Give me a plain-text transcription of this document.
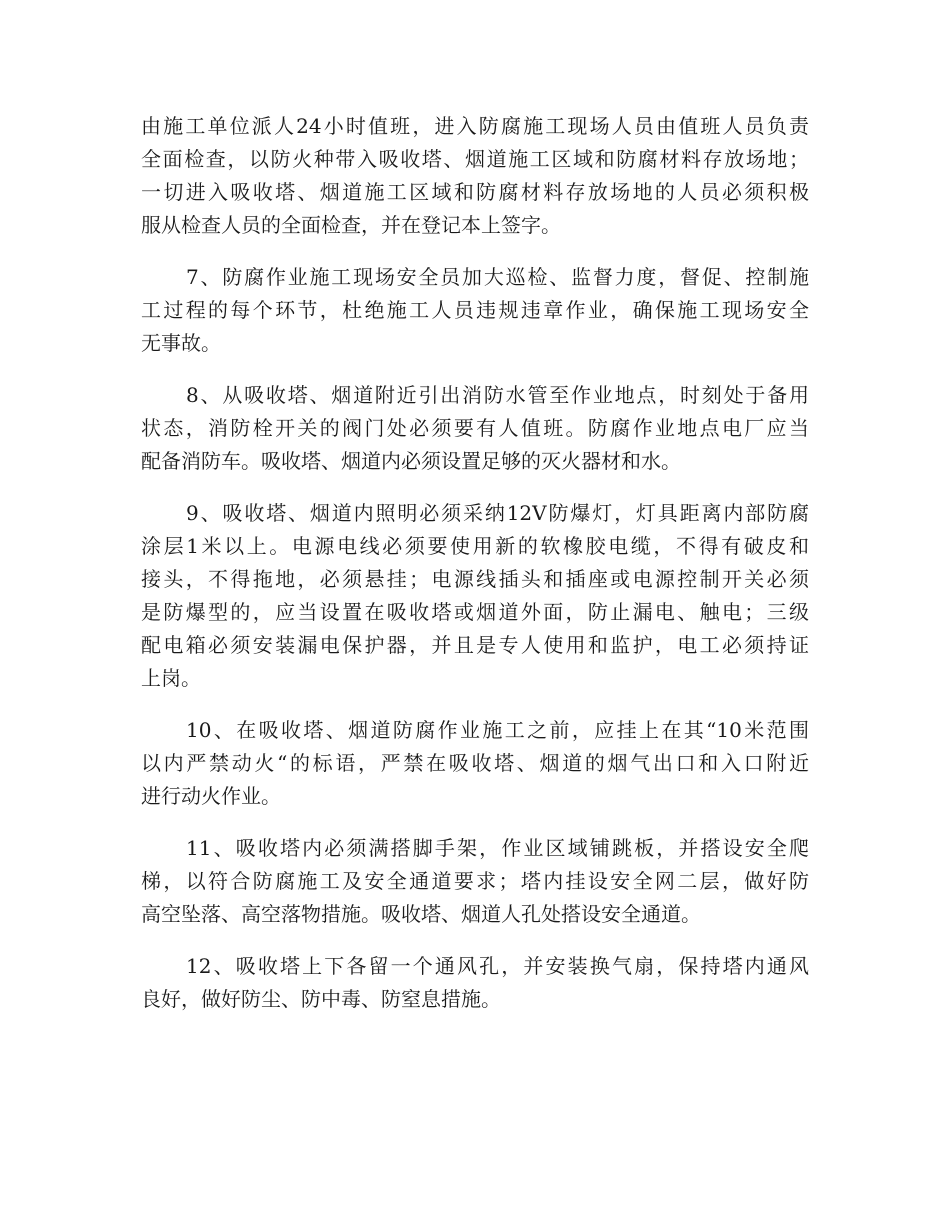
由施工单位派人24小时值班，进入防腐施工现场人员由值班人员负责
全面检查，以防火种带入吸收塔、烟道施工区域和防腐材料存放场地；
一切进入吸收塔、烟道施工区域和防腐材料存放场地的人员必须积极
服从检查人员的全面检查，并在登记本上签字。
7、防腐作业施工现场安全员加大巡检、监督力度，督促、控制施
工过程的每个环节，杜绝施工人员违规违章作业，确保施工现场安全
无事故。
8、从吸收塔、烟道附近引出消防水管至作业地点，时刻处于备用
状态，消防栓开关的阀门处必须要有人值班。防腐作业地点电厂应当
配备消防车。吸收塔、烟道内必须设置足够的灭火器材和水。
9、吸收塔、烟道内照明必须采纳12V防爆灯，灯具距离内部防腐
涂层1米以上。电源电线必须要使用新的软橡胶电缆，不得有破皮和
接头，不得拖地，必须悬挂；电源线插头和插座或电源控制开关必须
是防爆型的，应当设置在吸收塔或烟道外面，防止漏电、触电；三级
配电箱必须安装漏电保护器，并且是专人使用和监护，电工必须持证
上岗。
10、在吸收塔、烟道防腐作业施工之前，应挂上在其“10米范围
以内严禁动火“的标语，严禁在吸收塔、烟道的烟气出口和入口附近
进行动火作业。
11、吸收塔内必须满搭脚手架，作业区域铺跳板，并搭设安全爬
梯，以符合防腐施工及安全通道要求；塔内挂设安全网二层，做好防
高空坠落、高空落物措施。吸收塔、烟道人孔处搭设安全通道。
12、吸收塔上下各留一个通风孔，并安装换气扇，保持塔内通风
良好，做好防尘、防中毒、防窒息措施。
